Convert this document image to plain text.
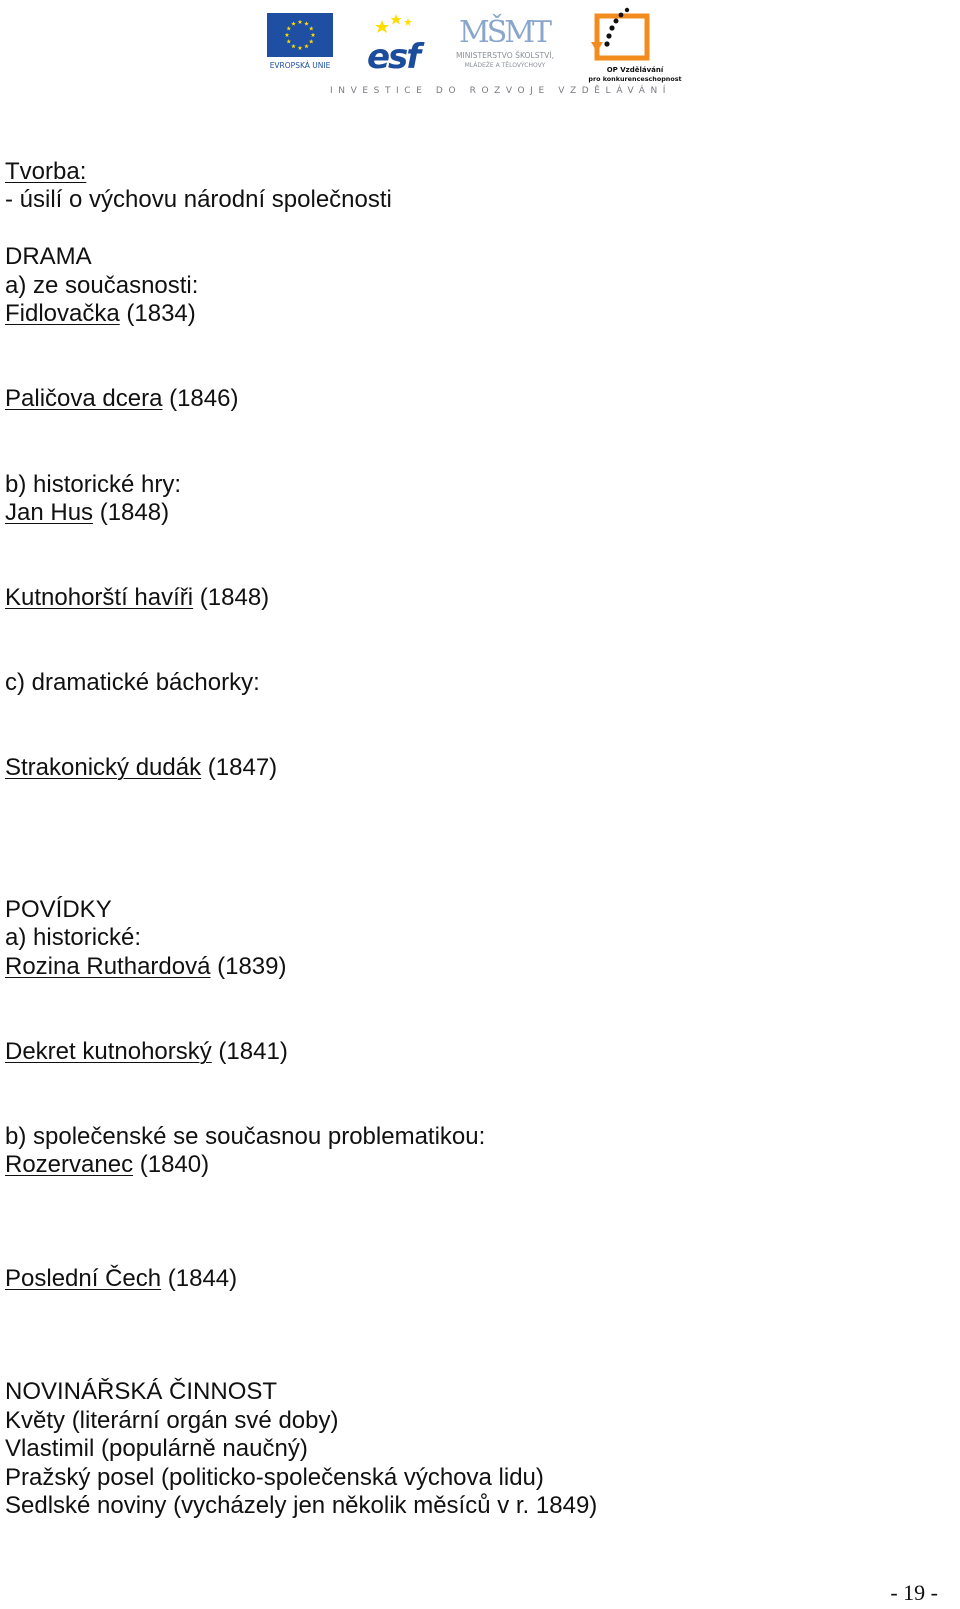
EVROPSKÁ UNIE esf
MŠMT
MINISTERSTVO ŠKOLSTVÍ,
MLÁDEŽE A TĚLOVÝCHOVY
OP Vzdělávání
pro konkurenceschopnost
INVESTICE DO ROZVOJE VZDĚLÁVÁNÍ
Tvorba:
- úsilí o výchovu národní společnosti
DRAMA
a) ze současnosti:
Fidlovačka (1834)
Paličova dcera (1846)
b) historické hry:
Jan Hus (1848)
Kutnohorští havíři (1848)
c) dramatické báchorky:
Strakonický dudák (1847)
POVÍDKY
a) historické:
Rozina Ruthardová (1839)
Dekret kutnohorský (1841)
b) společenské se současnou problematikou:
Rozervanec (1840)
Poslední Čech (1844)
NOVINÁŘSKÁ ČINNOST
Květy (literární orgán své doby)
Vlastimil (populárně naučný)
Pražský posel (politicko-společenská výchova lidu)
Sedlské noviny (vycházely jen několik měsíců v r. 1849)
- 19 -
